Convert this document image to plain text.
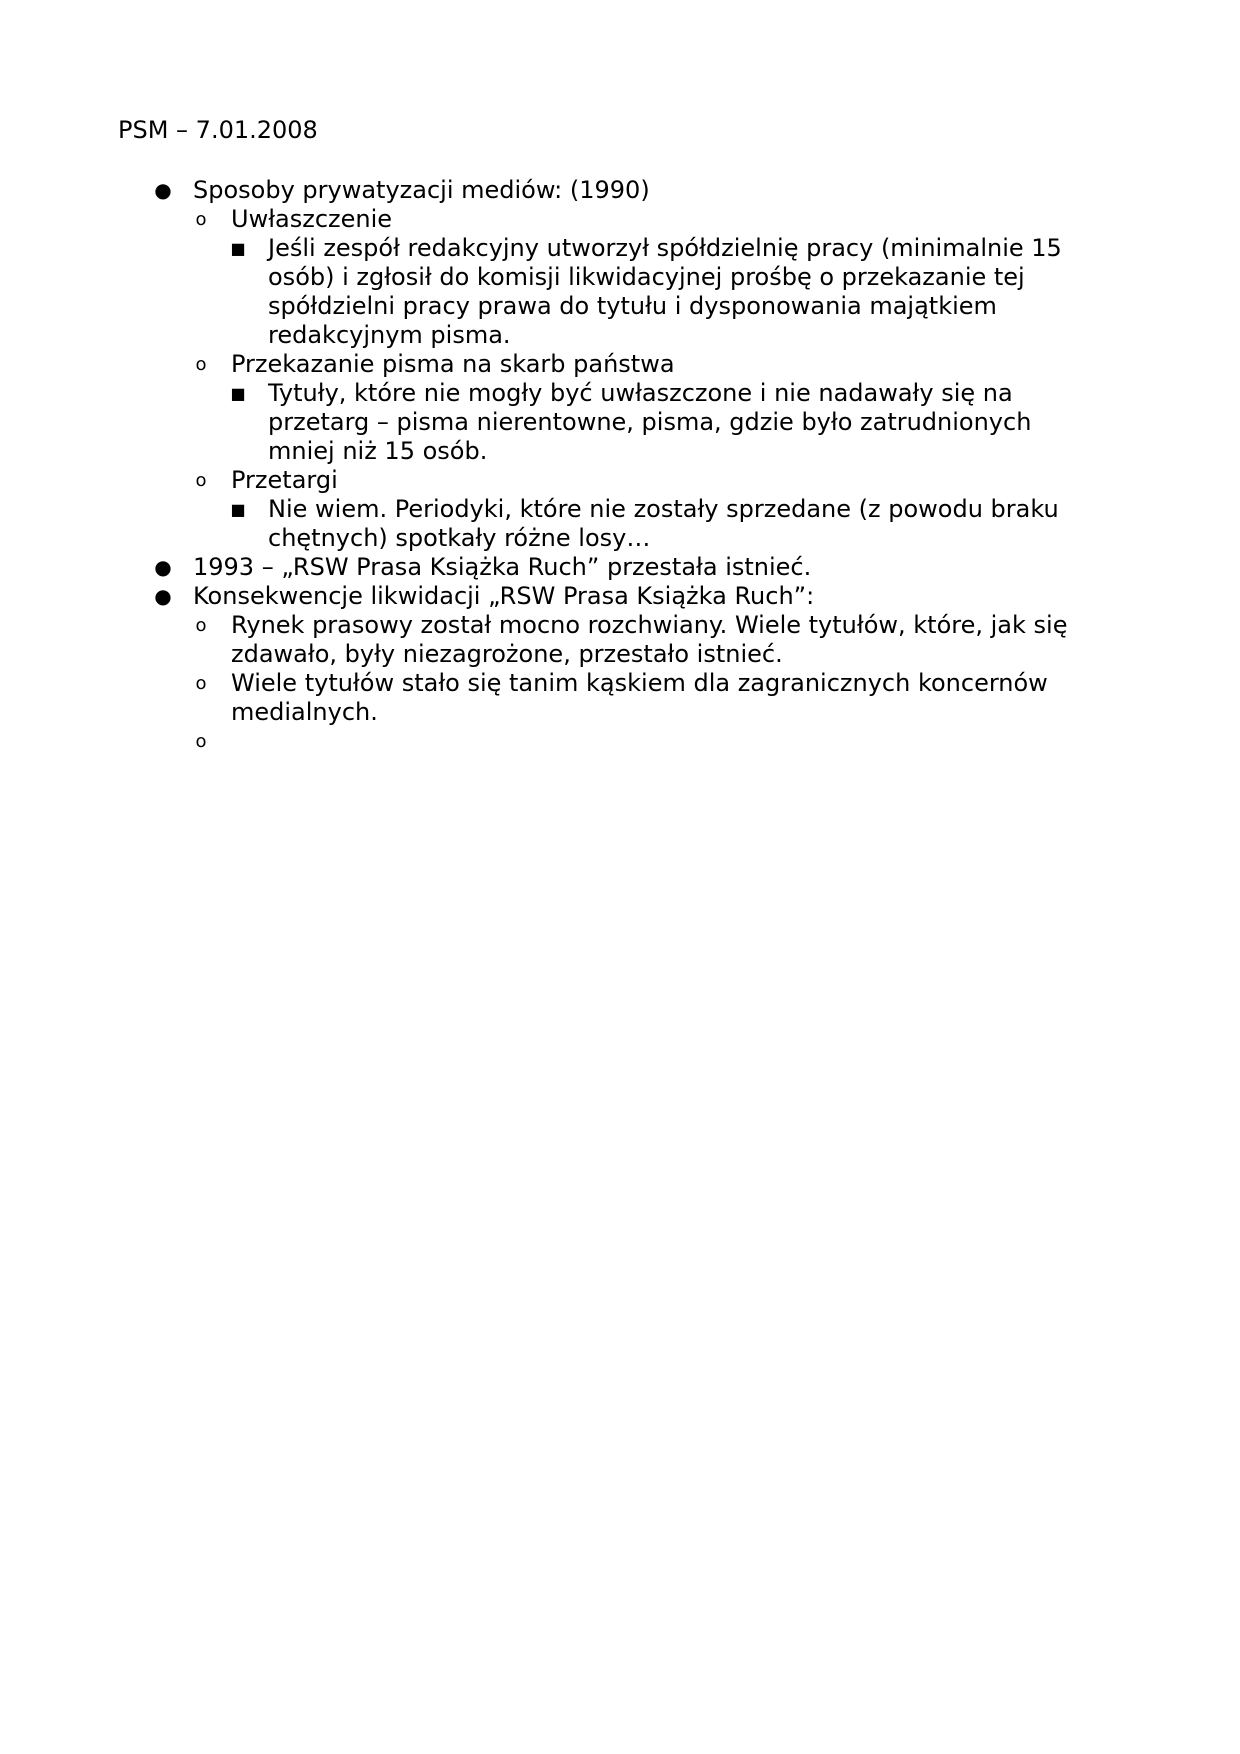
PSM – 7.01.2008
● Sposoby prywatyzacji mediów: (1990)
o Uwłaszczenie
■ Jeśli zespół redakcyjny utworzył spółdzielnię pracy (minimalnie 15
osób) i zgłosił do komisji likwidacyjnej prośbę o przekazanie tej
spółdzielni pracy prawa do tytułu i dysponowania majątkiem
redakcyjnym pisma.
o Przekazanie pisma na skarb państwa
■ Tytuły, które nie mogły być uwłaszczone i nie nadawały się na
przetarg – pisma nierentowne, pisma, gdzie było zatrudnionych
mniej niż 15 osób.
o Przetargi
■ Nie wiem. Periodyki, które nie zostały sprzedane (z powodu braku
chętnych) spotkały różne losy…
● 1993 – „RSW Prasa Książka Ruch” przestała istnieć.
● Konsekwencje likwidacji „RSW Prasa Książka Ruch”:
o Rynek prasowy został mocno rozchwiany. Wiele tytułów, które, jak się
zdawało, były niezagrożone, przestało istnieć.
o Wiele tytułów stało się tanim kąskiem dla zagranicznych koncernów
medialnych.
o
